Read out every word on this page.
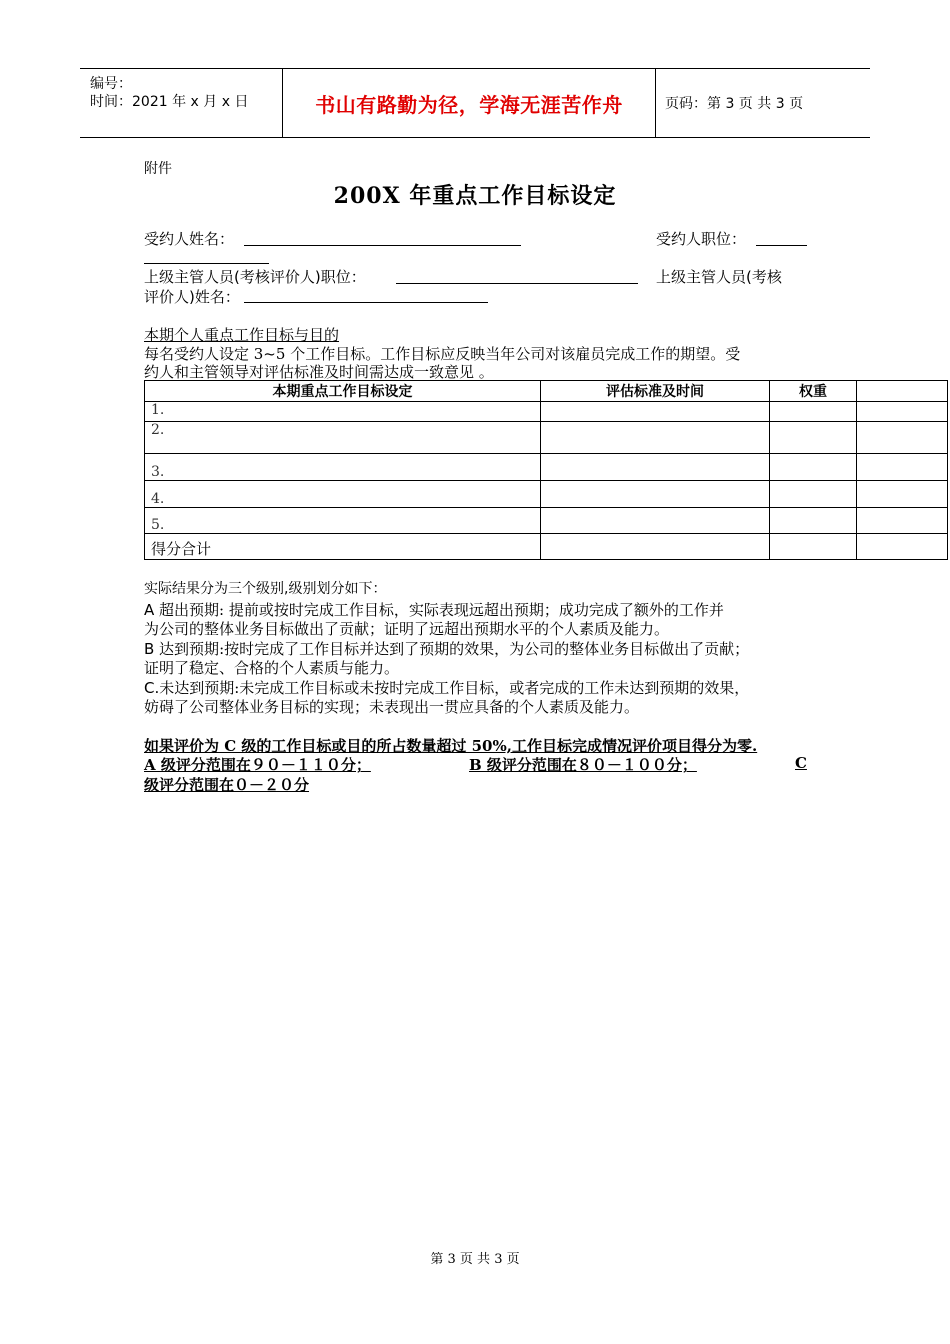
编号：
时间：2021 年 x 月 x 日	书山有路勤为径，学海无涯苦作舟	页码：第 3 页 共 3 页
附件
200X 年重点工作目标设定
受约人姓名：	受约人职位：
上级主管人员(考核评价人)职位：	上级主管人员(考核
评价人)姓名：
本期个人重点工作目标与目的
每名受约人设定 3~5 个工作目标。工作目标应反映当年公司对该雇员完成工作的期望。受
约人和主管领导对评估标准及时间需达成一致意见 。
本期重点工作目标设定	评估标准及时间	权重	
1.			
2.			
3.			
4.			
5.			
得分合计			
实际结果分为三个级别,级别划分如下：
A 超出预期: 提前或按时完成工作目标，实际表现远超出预期；成功完成了额外的工作并
为公司的整体业务目标做出了贡献；证明了远超出预期水平的个人素质及能力。
B 达到预期:按时完成了工作目标并达到了预期的效果，为公司的整体业务目标做出了贡献；
证明了稳定、合格的个人素质与能力。
C.未达到预期:未完成工作目标或未按时完成工作目标，或者完成的工作未达到预期的效果，
妨碍了公司整体业务目标的实现；未表现出一贯应具备的个人素质及能力。
如果评价为 C 级的工作目标或目的所占数量超过 50%,工作目标完成情况评价项目得分为零.
A 级评分范围在９０－１１０分；	B 级评分范围在８０－１００分；	C
级评分范围在０－２０分
第 3 页 共 3 页
